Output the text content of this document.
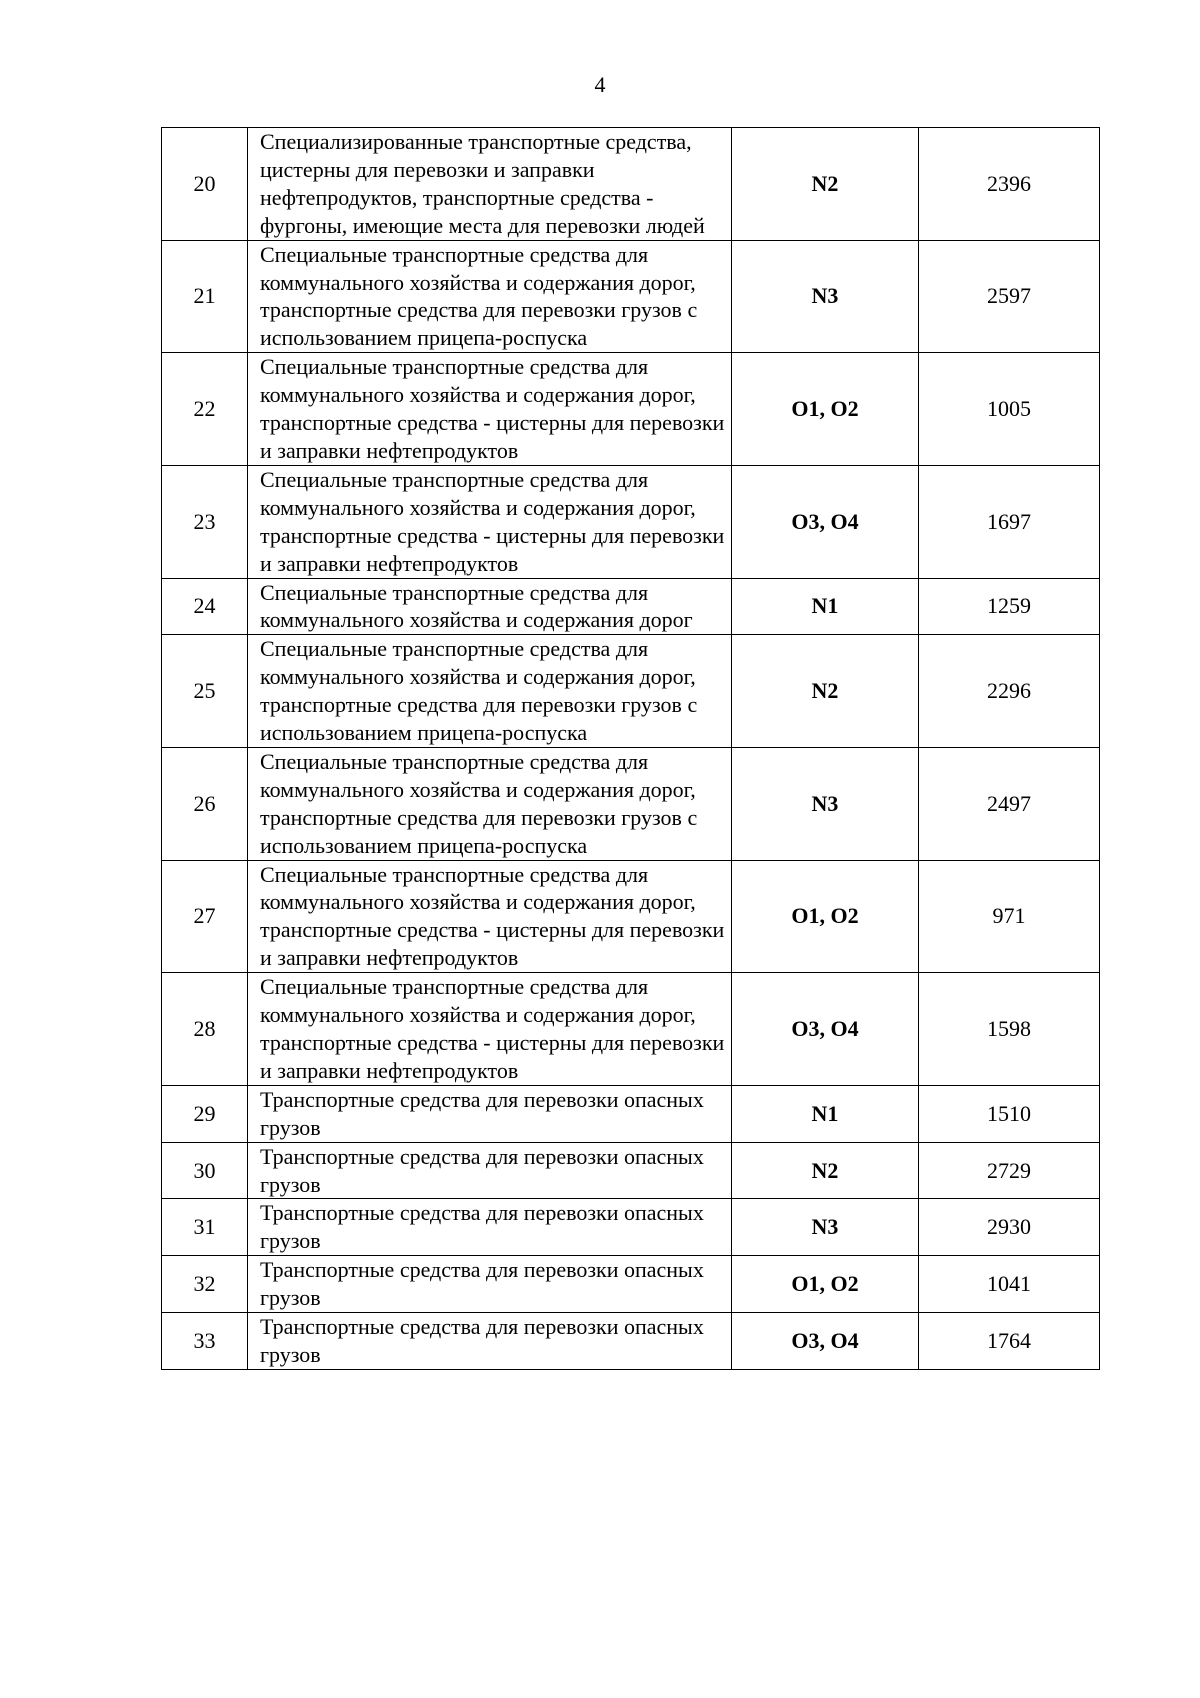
4
20	Специализированные транспортные средства, цистерны для перевозки и заправки нефтепродуктов, транспортные средства - фургоны, имеющие места для перевозки людей	N2	2396
21	Специальные транспортные средства для коммунального хозяйства и содержания дорог, транспортные средства для перевозки грузов с использованием прицепа-роспуска	N3	2597
22	Специальные транспортные средства для коммунального хозяйства и содержания дорог, транспортные средства - цистерны для перевозки и заправки нефтепродуктов	O1, O2	1005
23	Специальные транспортные средства для коммунального хозяйства и содержания дорог, транспортные средства - цистерны для перевозки и заправки нефтепродуктов	O3, O4	1697
24	Специальные транспортные средства для коммунального хозяйства и содержания дорог	N1	1259
25	Специальные транспортные средства для коммунального хозяйства и содержания дорог, транспортные средства для перевозки грузов с использованием прицепа-роспуска	N2	2296
26	Специальные транспортные средства для коммунального хозяйства и содержания дорог, транспортные средства для перевозки грузов с использованием прицепа-роспуска	N3	2497
27	Специальные транспортные средства для коммунального хозяйства и содержания дорог, транспортные средства - цистерны для перевозки и заправки нефтепродуктов	O1, O2	971
28	Специальные транспортные средства для коммунального хозяйства и содержания дорог, транспортные средства - цистерны для перевозки и заправки нефтепродуктов	O3, O4	1598
29	Транспортные средства для перевозки опасных грузов	N1	1510
30	Транспортные средства для перевозки опасных грузов	N2	2729
31	Транспортные средства для перевозки опасных грузов	N3	2930
32	Транспортные средства для перевозки опасных грузов	O1, O2	1041
33	Транспортные средства для перевозки опасных грузов	O3, O4	1764
